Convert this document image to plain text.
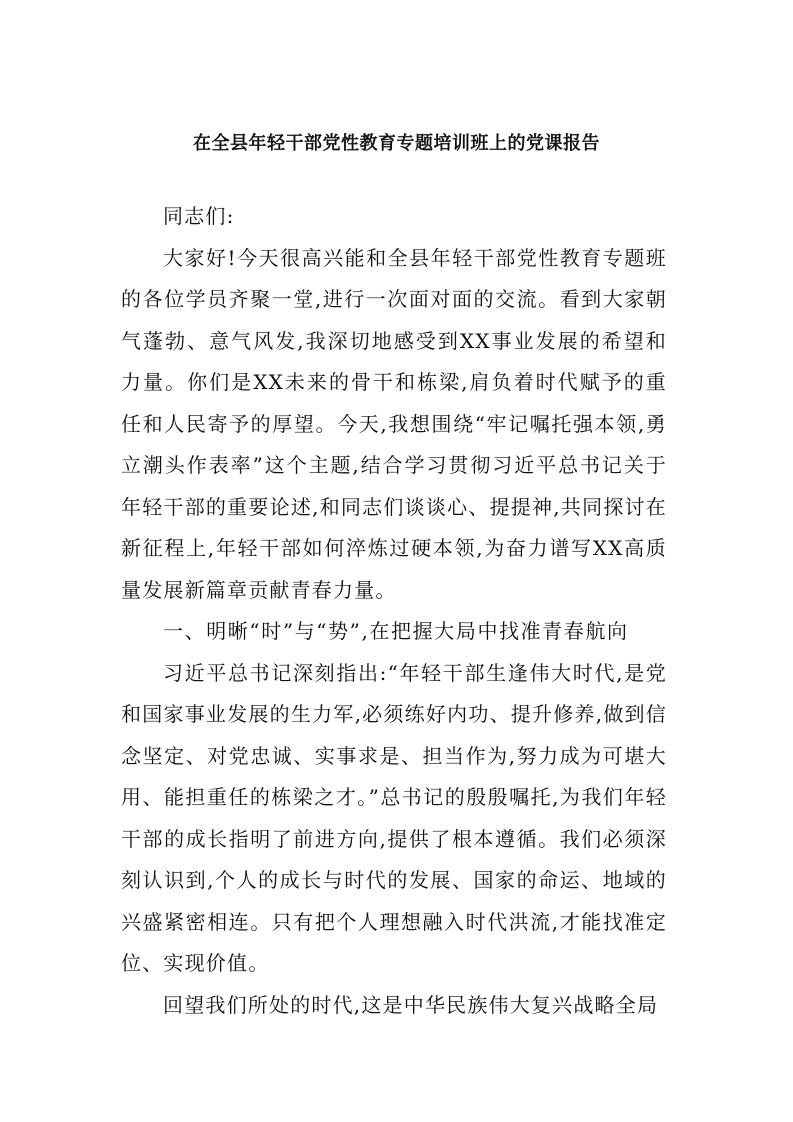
在全县年轻干部党性教育专题培训班上的党课报告

同志们:

大家好!今天很高兴能和全县年轻干部党性教育专题班的各位学员齐聚一堂,进行一次面对面的交流。看到大家朝气蓬勃、意气风发,我深切地感受到XX事业发展的希望和力量。你们是XX未来的骨干和栋梁,肩负着时代赋予的重任和人民寄予的厚望。今天,我想围绕“牢记嘱托强本领,勇立潮头作表率”这个主题,结合学习贯彻习近平总书记关于年轻干部的重要论述,和同志们谈谈心、提提神,共同探讨在新征程上,年轻干部如何淬炼过硬本领,为奋力谱写XX高质量发展新篇章贡献青春力量。

一、明晰“时”与“势”,在把握大局中找准青春航向

习近平总书记深刻指出:“年轻干部生逢伟大时代,是党和国家事业发展的生力军,必须练好内功、提升修养,做到信念坚定、对党忠诚、实事求是、担当作为,努力成为可堪大用、能担重任的栋梁之才。”总书记的殷殷嘱托,为我们年轻干部的成长指明了前进方向,提供了根本遵循。我们必须深刻认识到,个人的成长与时代的发展、国家的命运、地域的兴盛紧密相连。只有把个人理想融入时代洪流,才能找准定位、实现价值。

回望我们所处的时代,这是中华民族伟大复兴战略全局
